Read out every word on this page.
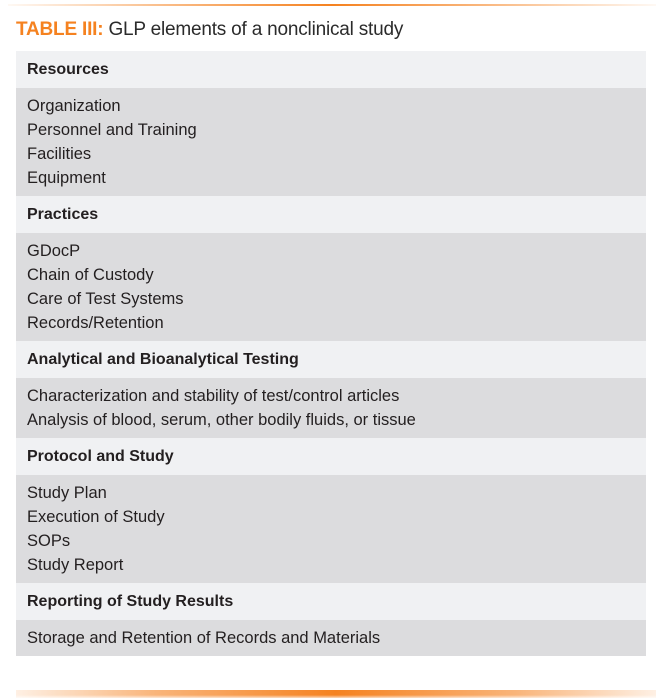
TABLE III: GLP elements of a nonclinical study
Resources
Organization
Personnel and Training
Facilities
Equipment
Practices
GDocP
Chain of Custody
Care of Test Systems
Records/Retention
Analytical and Bioanalytical Testing
Characterization and stability of test/control articles
Analysis of blood, serum, other bodily fluids, or tissue
Protocol and Study
Study Plan
Execution of Study
SOPs
Study Report
Reporting of Study Results
Storage and Retention of Records and Materials
